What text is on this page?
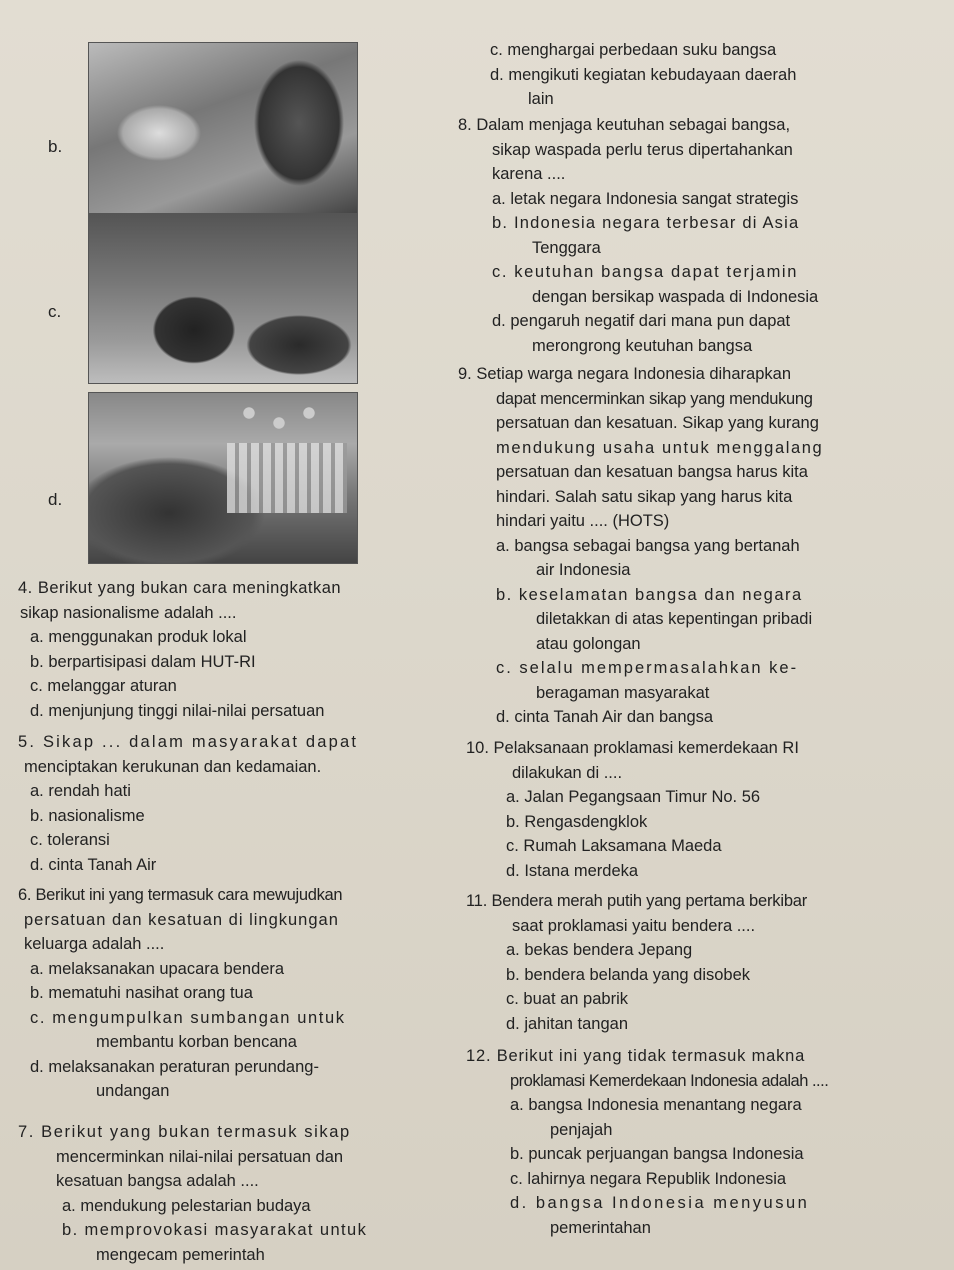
b.
c.
d.
c. menghargai perbedaan suku bangsa
d. mengikuti kegiatan kebudayaan daerah
lain
8. Dalam menjaga keutuhan sebagai bangsa,
sikap waspada perlu terus dipertahankan
karena ....
a. letak negara Indonesia sangat strategis
b. Indonesia negara terbesar di Asia
Tenggara
c. keutuhan bangsa dapat terjamin
dengan bersikap waspada di Indonesia
d. pengaruh negatif dari mana pun dapat
merongrong keutuhan bangsa
9. Setiap warga negara Indonesia diharapkan
dapat mencerminkan sikap yang mendukung
persatuan dan kesatuan. Sikap yang kurang
mendukung usaha untuk menggalang
persatuan dan kesatuan bangsa harus kita
hindari. Salah satu sikap yang harus kita
hindari yaitu .... (HOTS)
a. bangsa sebagai bangsa yang bertanah
air Indonesia
b. keselamatan bangsa dan negara
diletakkan di atas kepentingan pribadi
atau golongan
c. selalu mempermasalahkan ke-
beragaman masyarakat
d. cinta Tanah Air dan bangsa
10. Pelaksanaan proklamasi kemerdekaan RI
dilakukan di ....
a. Jalan Pegangsaan Timur No. 56
b. Rengasdengklok
c. Rumah Laksamana Maeda
d. Istana merdeka
11. Bendera merah putih yang pertama berkibar
saat proklamasi yaitu bendera ....
a. bekas bendera Jepang
b. bendera belanda yang disobek
c. buat an pabrik
d. jahitan tangan
12. Berikut ini yang tidak termasuk makna
proklamasi Kemerdekaan Indonesia adalah ....
a. bangsa Indonesia menantang negara
penjajah
b. puncak perjuangan bangsa Indonesia
c. lahirnya negara Republik Indonesia
d. bangsa Indonesia menyusun
pemerintahan
4. Berikut yang bukan cara meningkatkan
sikap nasionalisme adalah ....
a. menggunakan produk lokal
b. berpartisipasi dalam HUT-RI
c. melanggar aturan
d. menjunjung tinggi nilai-nilai persatuan
5. Sikap ... dalam masyarakat dapat
menciptakan kerukunan dan kedamaian.
a. rendah hati
b. nasionalisme
c. toleransi
d. cinta Tanah Air
6. Berikut ini yang termasuk cara mewujudkan
persatuan dan kesatuan di lingkungan
keluarga adalah ....
a. melaksanakan upacara bendera
b. mematuhi nasihat orang tua
c. mengumpulkan sumbangan untuk
membantu korban bencana
d. melaksanakan peraturan perundang-
undangan
7. Berikut yang bukan termasuk sikap
mencerminkan nilai-nilai persatuan dan
kesatuan bangsa adalah ....
a. mendukung pelestarian budaya
b. memprovokasi masyarakat untuk
mengecam pemerintah
